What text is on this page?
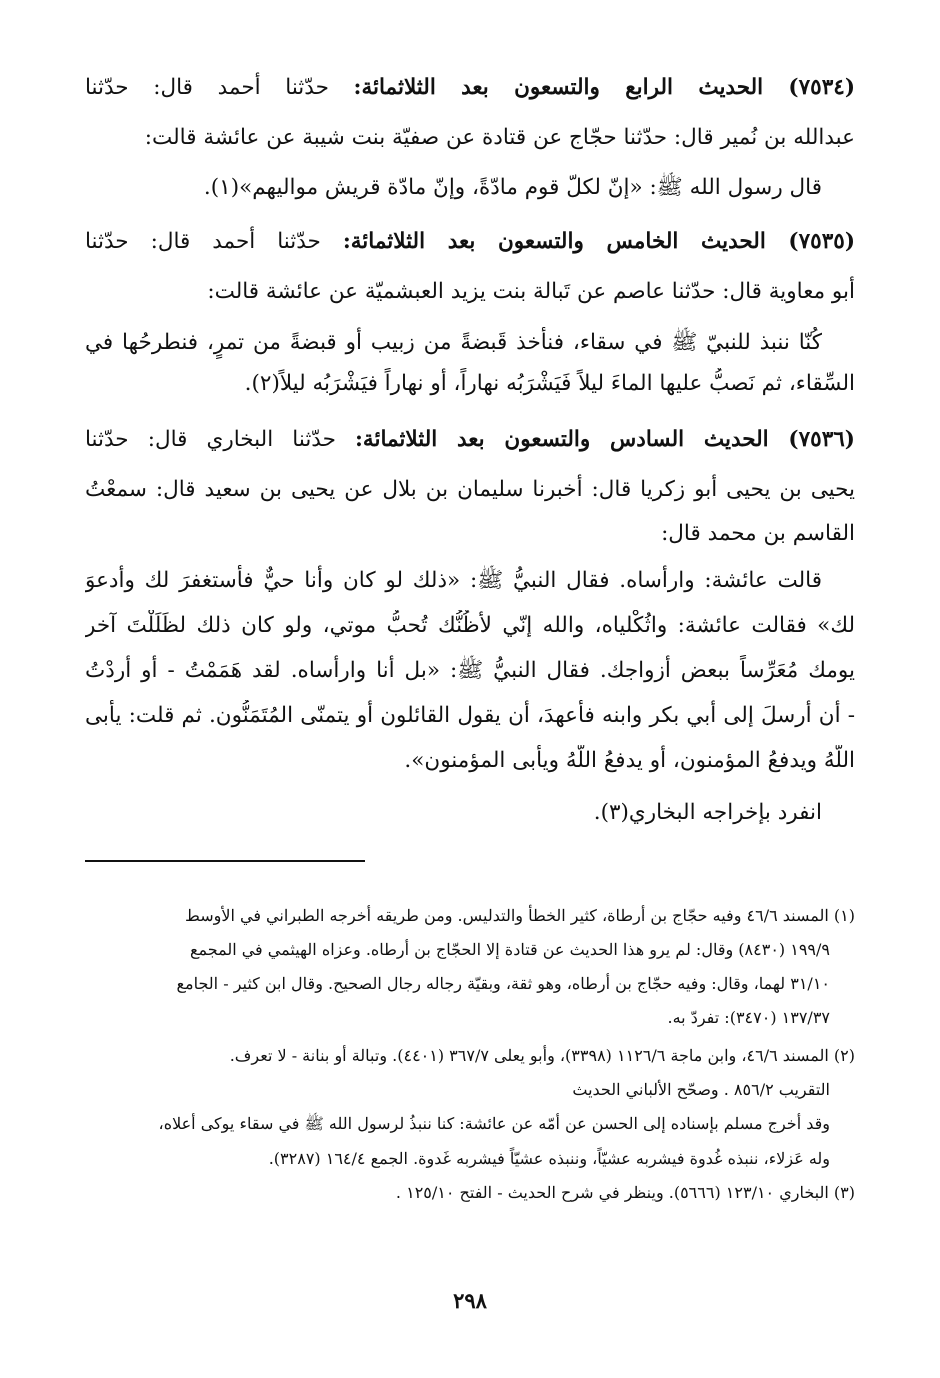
(٧٥٣٤) الحديث الرابع والتسعون بعد الثلاثمائة: حدّثنا أحمد قال: حدّثنا
عبدالله بن نُمير قال: حدّثنا حجّاج عن قتادة عن صفيّة بنت شيبة عن عائشة قالت:
قال رسول الله ﷺ: «إنّ لكلّ قوم مادّةً، وإنّ مادّة قريش مواليهم»(١).
(٧٥٣٥) الحديث الخامس والتسعون بعد الثلاثمائة: حدّثنا أحمد قال: حدّثنا
أبو معاوية قال: حدّثنا عاصم عن تَبالة بنت يزيد العبشميّة عن عائشة قالت:
كُنّا ننبذ للنبيّ ﷺ في سقاء، فنأخذ قَبضةً من زبيب أو قبضةً من تمرٍ، فنطرحُها في
السِّقاء، ثم نَصبُّ عليها الماءَ ليلاً فَيَشْرَبُه نهاراً، أو نهاراً فيَشْرَبُه ليلاً(٢).
(٧٥٣٦) الحديث السادس والتسعون بعد الثلاثمائة: حدّثنا البخاري قال: حدّثنا
يحيى بن يحيى أبو زكريا قال: أخبرنا سليمان بن بلال عن يحيى بن سعيد قال: سمعْتُ
القاسم بن محمد قال:
قالت عائشة: وارأساه. فقال النبيُّ ﷺ: «ذلك لو كان وأنا حيٌّ فأستغفرَ لك وأدعوَ
لك» فقالت عائشة: واثُكْلياه، والله إنّي لأظُنُّك تُحبُّ موتي، ولو كان ذلك لظَلَلْتَ آخر
يومك مُعَرِّساً ببعض أزواجك. فقال النبيُّ ﷺ: «بل أنا وارأساه. لقد هَمَمْتُ - أو أردْتُ
- أن أُرسلَ إلى أبي بكر وابنه فأعهدَ، أن يقول القائلون أو يتمنّى المُتَمَنُّون. ثم قلت: يأبى
اللّهُ ويدفعُ المؤمنون، أو يدفعُ اللّهُ ويأبى المؤمنون».
انفرد بإخراجه البخاري(٣).
(١) المسند ٤٦/٦ وفيه حجّاج بن أرطاة، كثير الخطأ والتدليس. ومن طريقه أخرجه الطبراني في الأوسط
١٩٩/٩ (٨٤٣٠) وقال: لم يرو هذا الحديث عن قتادة إلا الحجّاج بن أرطاه. وعزاه الهيثمي في المجمع
٣١/١٠ لهما، وقال: وفيه حجّاج بن أرطاه، وهو ثقة، وبقيّة رجاله رجال الصحيح. وقال ابن كثير - الجامع
١٣٧/٣٧ (٣٤٧٠): تفردّ به.
(٢) المسند ٤٦/٦، وابن ماجة ١١٢٦/٦ (٣٣٩٨)، وأبو يعلى ٣٦٧/٧ (٤٤٠١). وتبالة أو بنانة - لا تعرف.
التقريب ٨٥٦/٢ . وصحّح الألباني الحديث
وقد أخرج مسلم بإسناده إلى الحسن عن أمّه عن عائشة: كنا ننبذُ لرسول الله ﷺ في سقاء يوكى أعلاه،
وله عَزلاء، ننبذه غُدوة فيشربه عشيّاً، وننبذه عشيّاً فيشربه غَدوة. الجمع ١٦٤/٤ (٣٢٨٧).
(٣) البخاري ١٢٣/١٠ (٥٦٦٦). وينظر في شرح الحديث - الفتح ١٢٥/١٠ .
٢٩٨
